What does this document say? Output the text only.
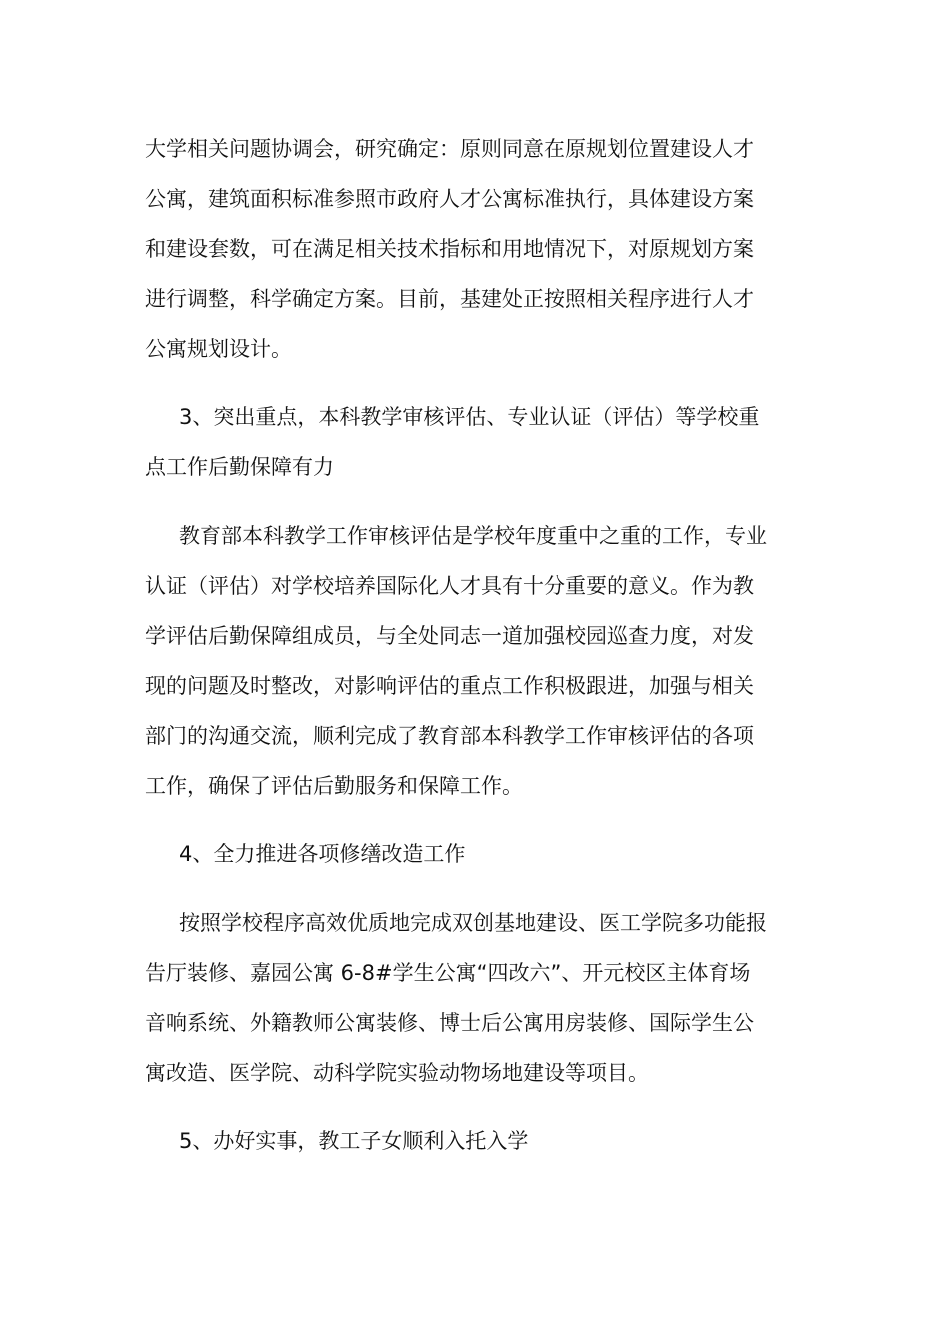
大学相关问题协调会，研究确定：原则同意在原规划位置建设人才
公寓，建筑面积标准参照市政府人才公寓标准执行，具体建设方案
和建设套数，可在满足相关技术指标和用地情况下，对原规划方案
进行调整，科学确定方案。目前，基建处正按照相关程序进行人才
公寓规划设计。
3、突出重点，本科教学审核评估、专业认证（评估）等学校重
点工作后勤保障有力
教育部本科教学工作审核评估是学校年度重中之重的工作，专业
认证（评估）对学校培养国际化人才具有十分重要的意义。作为教
学评估后勤保障组成员，与全处同志一道加强校园巡查力度，对发
现的问题及时整改，对影响评估的重点工作积极跟进，加强与相关
部门的沟通交流，顺利完成了教育部本科教学工作审核评估的各项
工作，确保了评估后勤服务和保障工作。
4、全力推进各项修缮改造工作
按照学校程序高效优质地完成双创基地建设、医工学院多功能报
告厅装修、嘉园公寓 6-8#学生公寓“四改六”、开元校区主体育场
音响系统、外籍教师公寓装修、博士后公寓用房装修、国际学生公
寓改造、医学院、动科学院实验动物场地建设等项目。
5、办好实事，教工子女顺利入托入学
